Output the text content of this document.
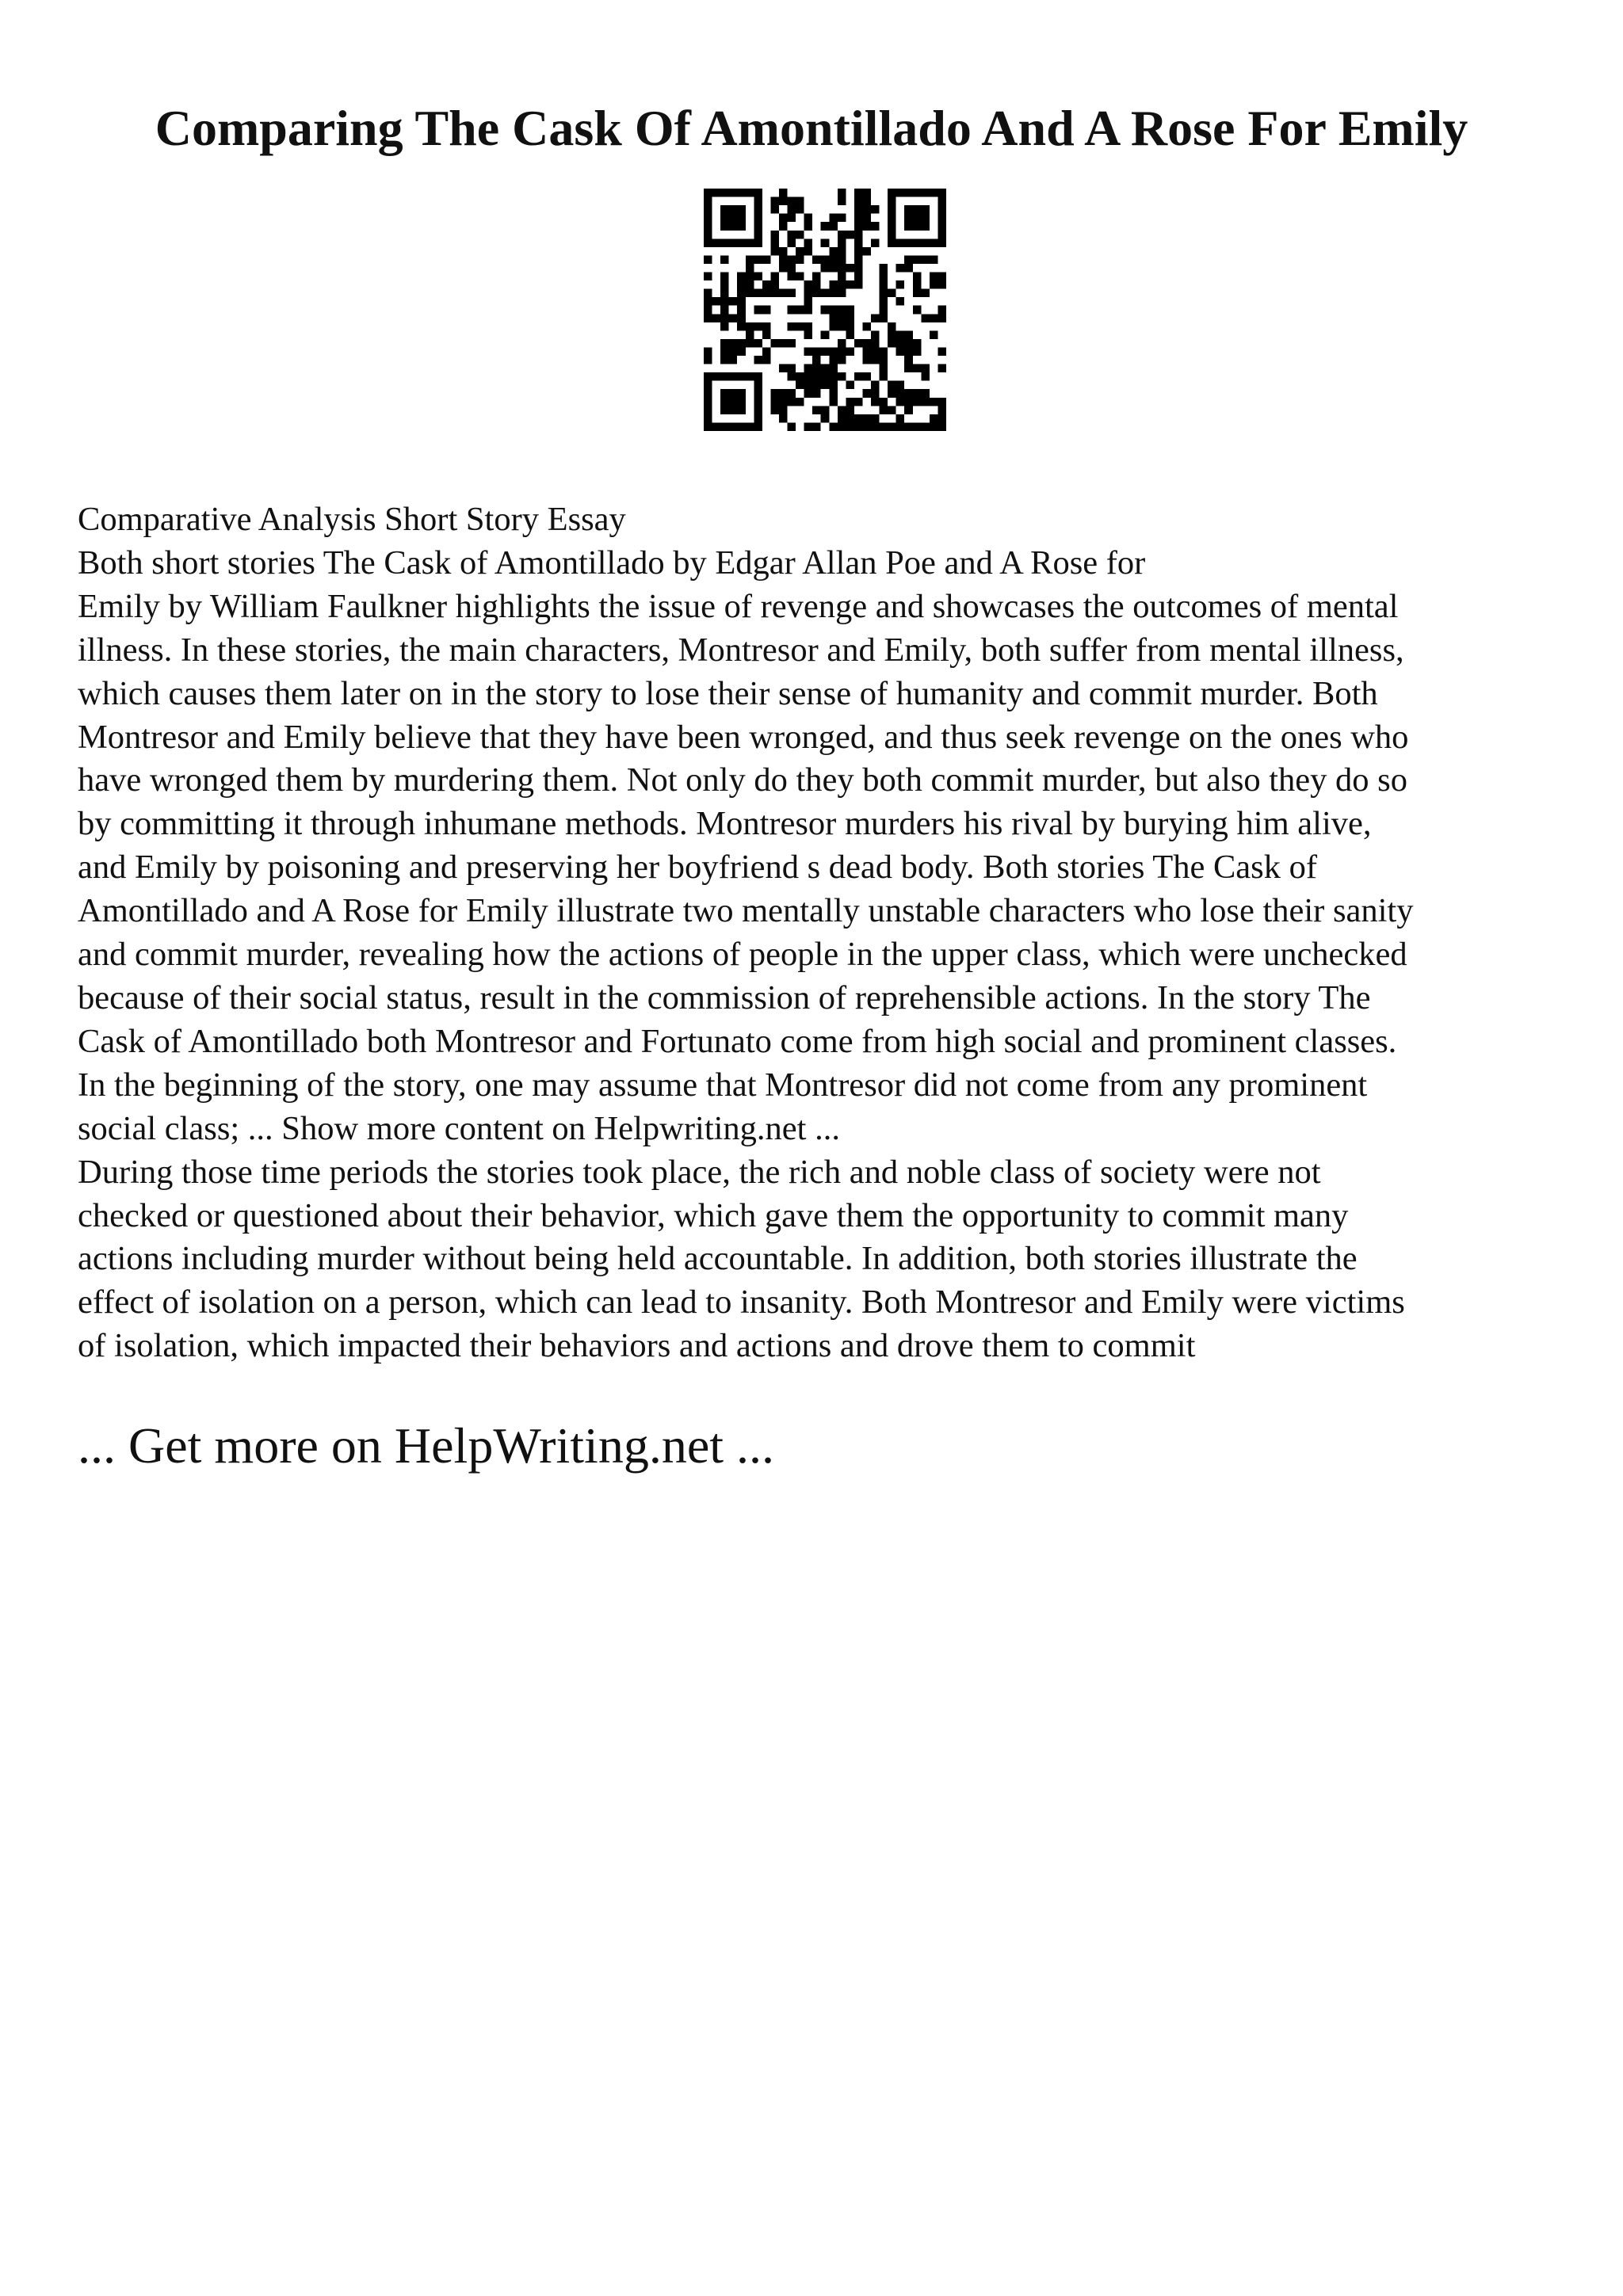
Comparing The Cask Of Amontillado And A Rose For Emily
Comparative Analysis Short Story Essay
Both short stories The Cask of Amontillado by Edgar Allan Poe and A Rose for
Emily by William Faulkner highlights the issue of revenge and showcases the outcomes of mental
illness. In these stories, the main characters, Montresor and Emily, both suffer from mental illness,
which causes them later on in the story to lose their sense of humanity and commit murder. Both
Montresor and Emily believe that they have been wronged, and thus seek revenge on the ones who
have wronged them by murdering them. Not only do they both commit murder, but also they do so
by committing it through inhumane methods. Montresor murders his rival by burying him alive,
and Emily by poisoning and preserving her boyfriend s dead body. Both stories The Cask of
Amontillado and A Rose for Emily illustrate two mentally unstable characters who lose their sanity
and commit murder, revealing how the actions of people in the upper class, which were unchecked
because of their social status, result in the commission of reprehensible actions. In the story The
Cask of Amontillado both Montresor and Fortunato come from high social and prominent classes.
In the beginning of the story, one may assume that Montresor did not come from any prominent
social class; ... Show more content on Helpwriting.net ...
During those time periods the stories took place, the rich and noble class of society were not
checked or questioned about their behavior, which gave them the opportunity to commit many
actions including murder without being held accountable. In addition, both stories illustrate the
effect of isolation on a person, which can lead to insanity. Both Montresor and Emily were victims
of isolation, which impacted their behaviors and actions and drove them to commit

... Get more on HelpWriting.net ...
